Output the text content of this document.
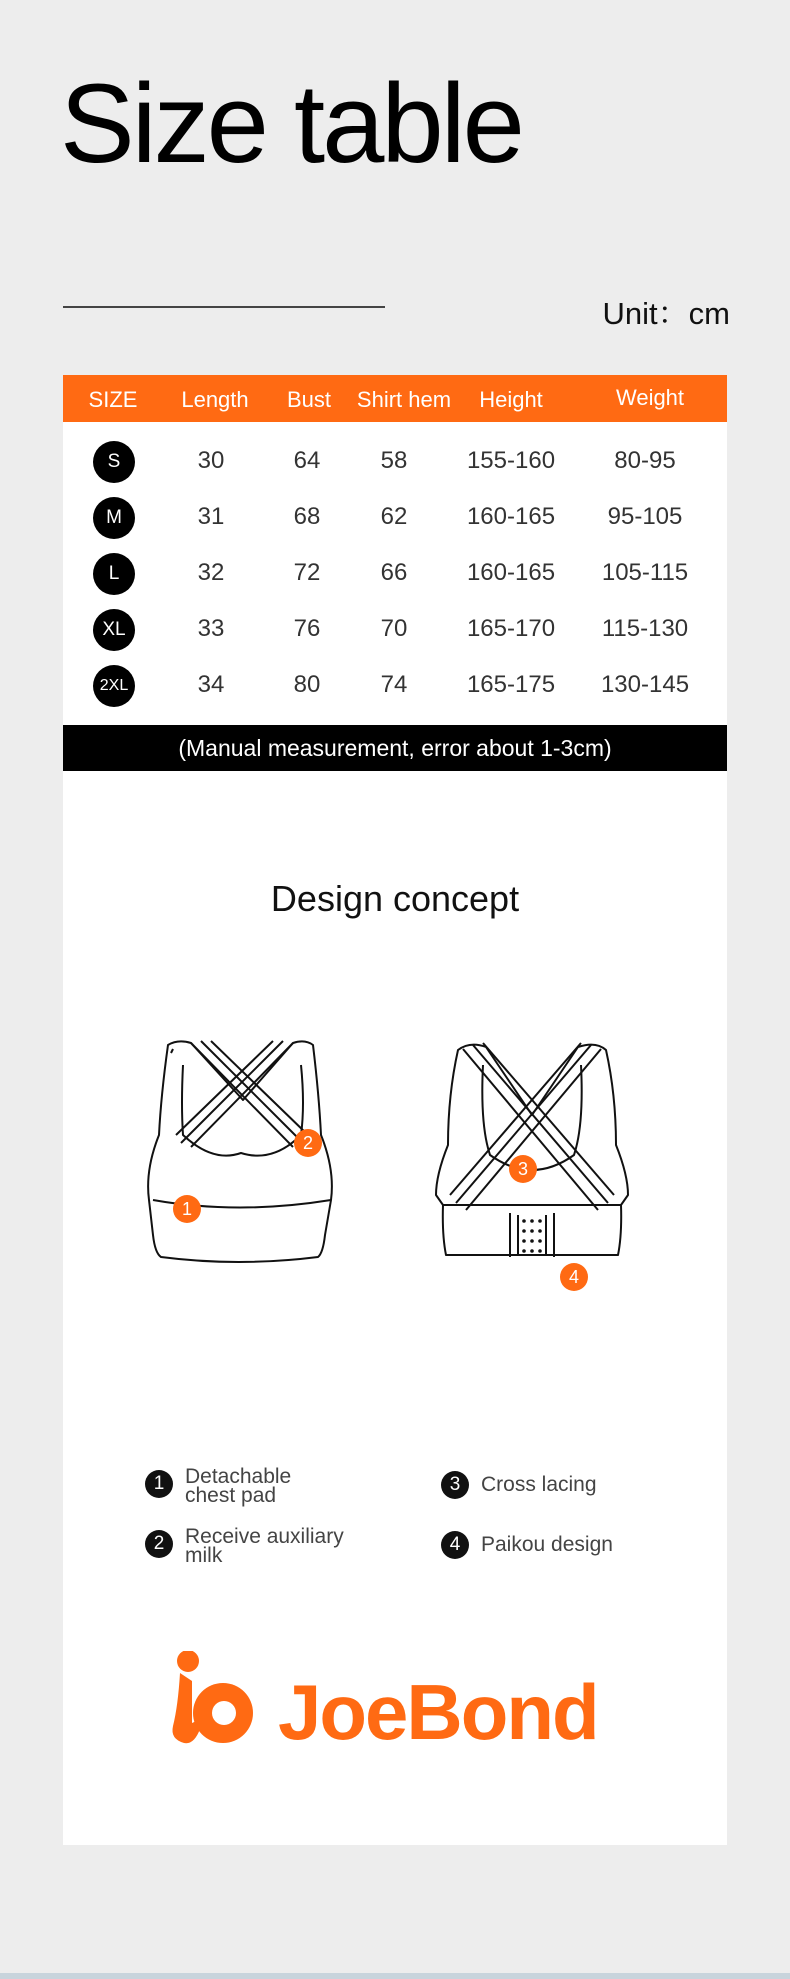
Size table
Unit：cm
SIZE Length Bust Shirt hem Height	Weight
S	30	64	58 155-160 80-95
M	31	68	62 160-165 95-105
L	32	72	66 160-165 105-115
XL	33	76	70 165-170 115-130
2XL	34	80	74 165-175 130-145
(Manual measurement, error about 1-3cm)
Design concept
1
2
3
4
1 Detachable chest pad
2 Receive auxiliary milk
3 Cross lacing
4 Paikou design
JoeBond
